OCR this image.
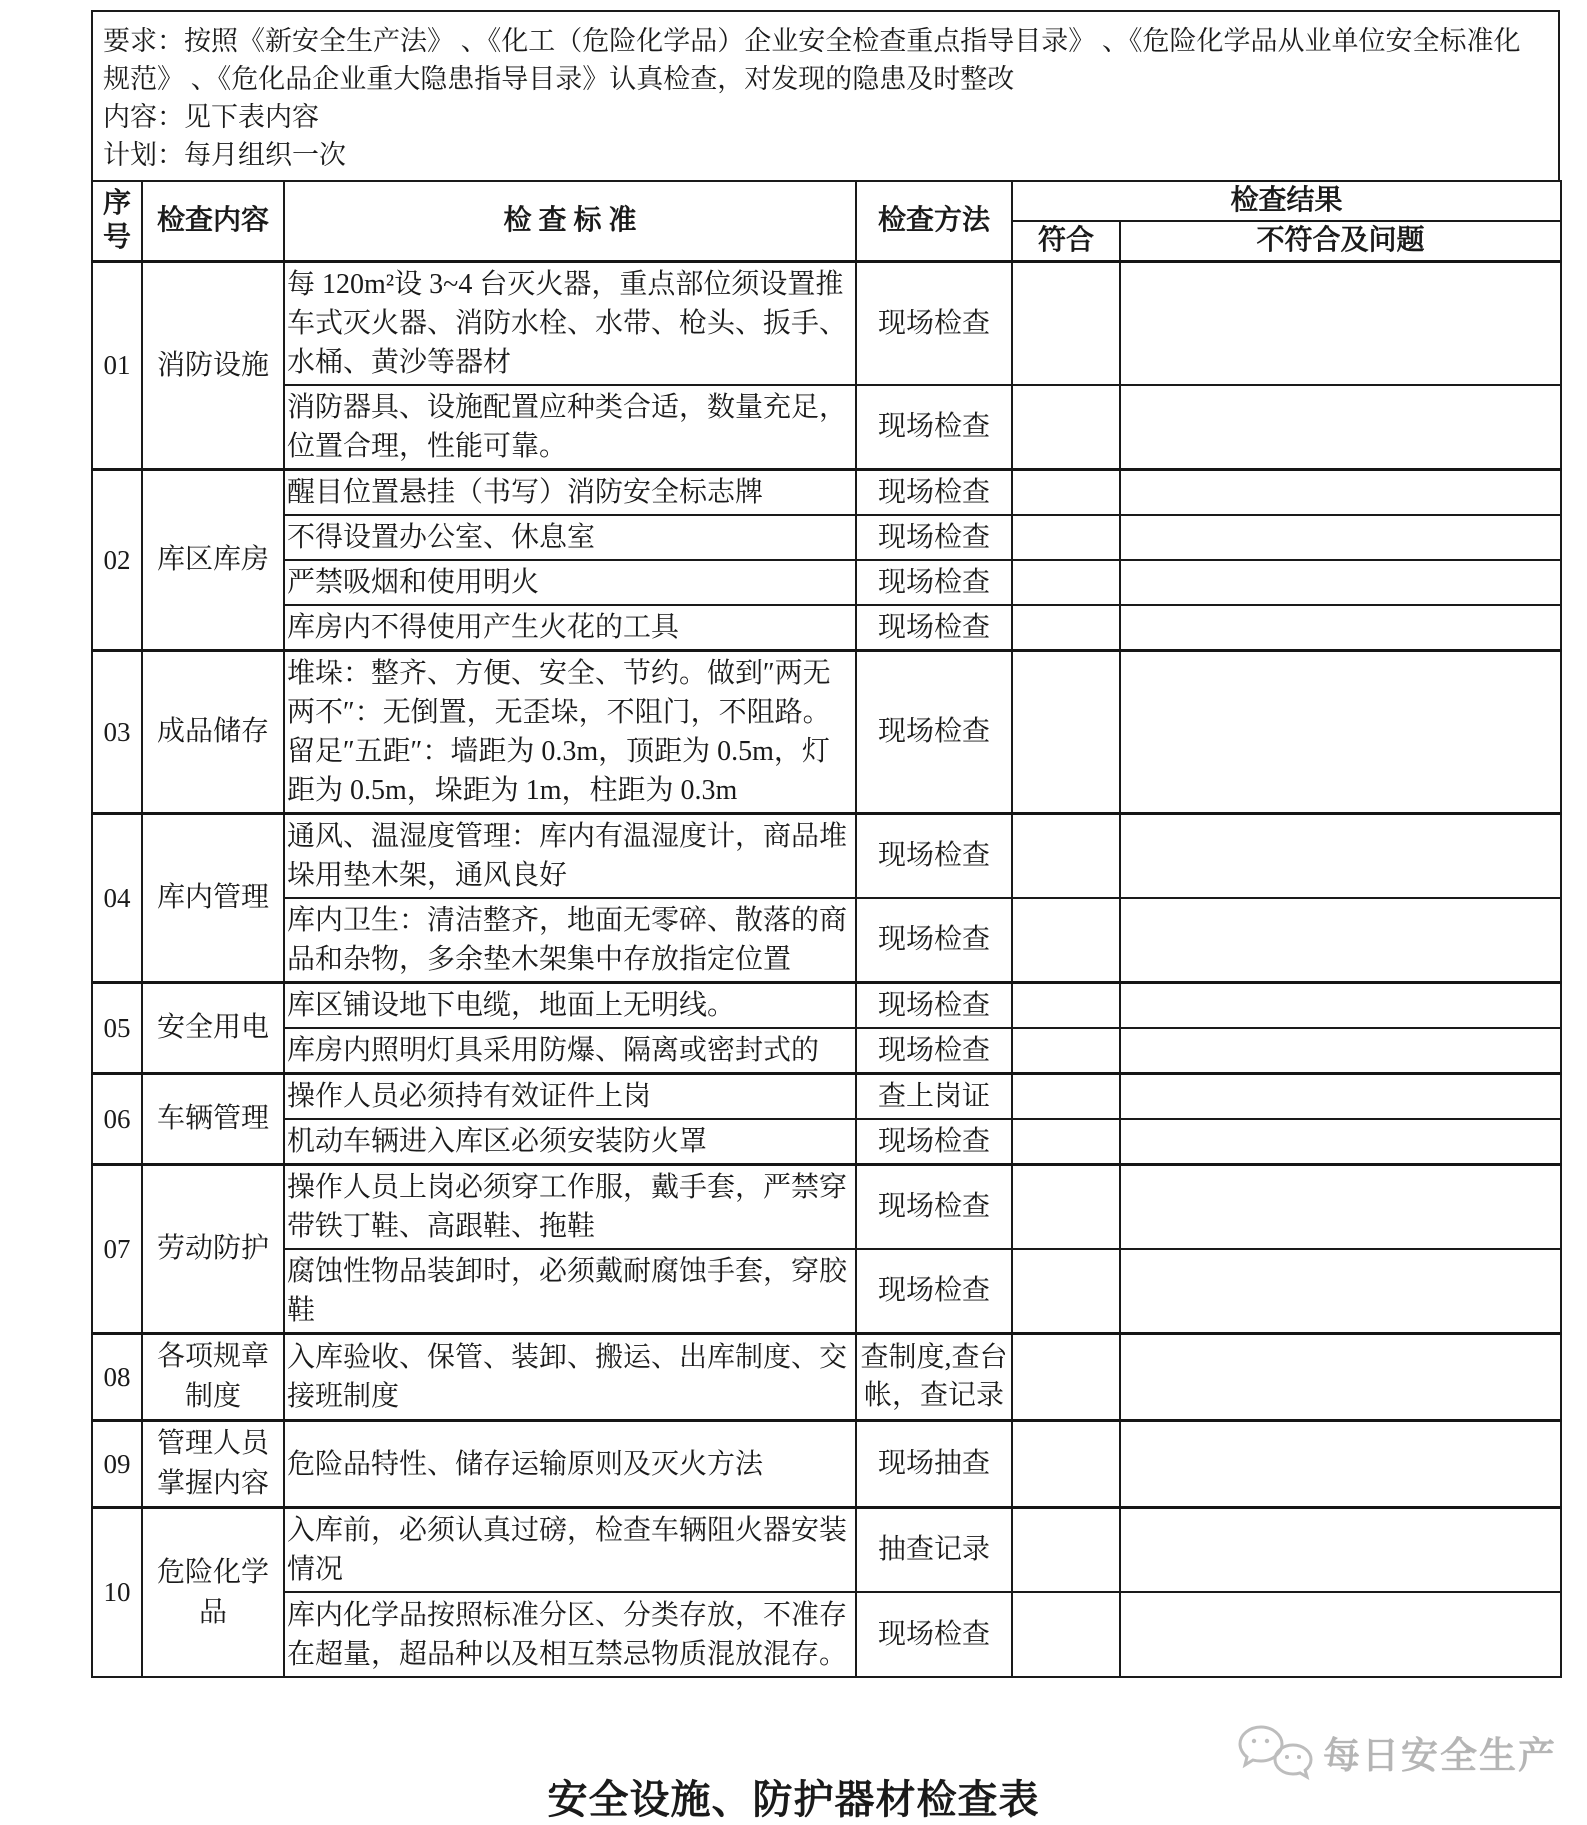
要求：按照《新安全生产法》 、《化工（危险化学品）企业安全检查重点指导目录》 、《危险化学品从业单位安全标准化规范》 、《危化品企业重大隐患指导目录》认真检查，对发现的隐患及时整改

内容：见下表内容

计划：每月组织一次

序号	检查内容	检 查 标 准	检查方法	检查结果	
				符合	不符合及问题
01	消防设施	每 120m²设 3~4 台灭火器，重点部位须设置推车式灭火器、消防水栓、水带、枪头、扳手、水桶、黄沙等器材	现场检查		
		消防器具、设施配置应种类合适，数量充足，位置合理，性能可靠。	现场检查		
02	库区库房	醒目位置悬挂（书写）消防安全标志牌	现场检查		
		不得设置办公室、休息室	现场检查		
		严禁吸烟和使用明火	现场检查		
		库房内不得使用产生火花的工具	现场检查		
03	成品储存	堆垛：整齐、方便、安全、节约。做到″两无两不″：无倒置，无歪垛，不阻门，不阻路。留足″五距″：墙距为 0.3m，顶距为 0.5m，灯距为 0.5m，垛距为 1m，柱距为 0.3m	现场检查		
04	库内管理	通风、温湿度管理：库内有温湿度计，商品堆垛用垫木架，通风良好	现场检查		
		库内卫生：清洁整齐，地面无零碎、散落的商品和杂物，多余垫木架集中存放指定位置	现场检查		
05	安全用电	库区铺设地下电缆，地面上无明线。	现场检查		
		库房内照明灯具采用防爆、隔离或密封式的	现场检查		
06	车辆管理	操作人员必须持有效证件上岗	查上岗证		
		机动车辆进入库区必须安装防火罩	现场检查		
07	劳动防护	操作人员上岗必须穿工作服，戴手套，严禁穿带铁丁鞋、高跟鞋、拖鞋	现场检查		
		腐蚀性物品装卸时，必须戴耐腐蚀手套，穿胶鞋	现场检查		
08	各项规章制度	入库验收、保管、装卸、搬运、出库制度、交接班制度	查制度,查台帐，查记录		
09	管理人员掌握内容	危险品特性、储存运输原则及灭火方法	现场抽查		
10	危险化学品	入库前，必须认真过磅，检查车辆阻火器安装情况	抽查记录		
		库内化学品按照标准分区、分类存放，不准存在超量，超品种以及相互禁忌物质混放混存。	现场检查		
每日安全生产
安全设施、防护器材检查表
